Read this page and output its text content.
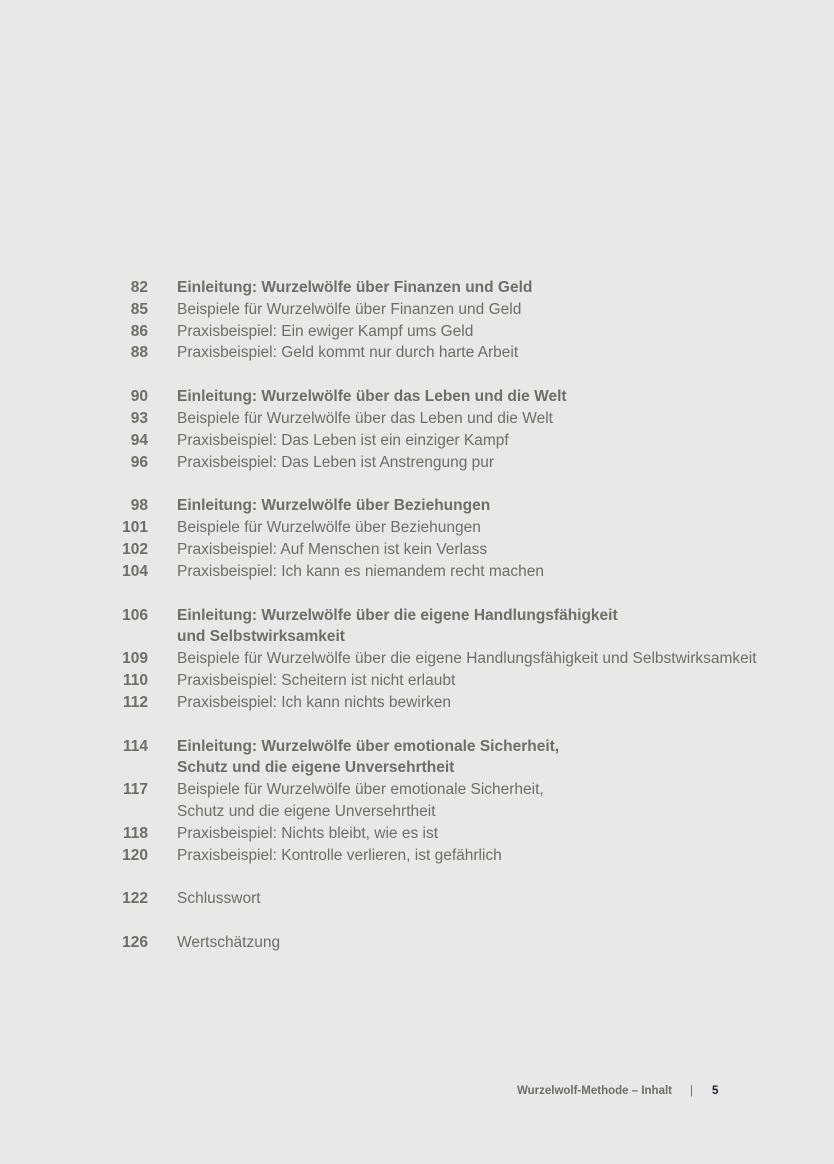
82	Einleitung: Wurzelwölfe über Finanzen und Geld
85	Beispiele für Wurzelwölfe über Finanzen und Geld
86	Praxisbeispiel: Ein ewiger Kampf ums Geld
88	Praxisbeispiel: Geld kommt nur durch harte Arbeit
90	Einleitung: Wurzelwölfe über das Leben und die Welt
93	Beispiele für Wurzelwölfe über das Leben und die Welt
94	Praxisbeispiel: Das Leben ist ein einziger Kampf
96	Praxisbeispiel: Das Leben ist Anstrengung pur
98	Einleitung: Wurzelwölfe über Beziehungen
101	Beispiele für Wurzelwölfe über Beziehungen
102	Praxisbeispiel: Auf Menschen ist kein Verlass
104	Praxisbeispiel: Ich kann es niemandem recht machen
106	Einleitung: Wurzelwölfe über die eigene Handlungsfähigkeit
und Selbstwirksamkeit
109	Beispiele für Wurzelwölfe über die eigene Handlungsfähigkeit und Selbstwirksamkeit
110	Praxisbeispiel: Scheitern ist nicht erlaubt
112	Praxisbeispiel: Ich kann nichts bewirken
114	Einleitung: Wurzelwölfe über emotionale Sicherheit,
Schutz und die eigene Unversehrtheit
117	Beispiele für Wurzelwölfe über emotionale Sicherheit,
Schutz und die eigene Unversehrtheit
118	Praxisbeispiel: Nichts bleibt, wie es ist
120	Praxisbeispiel: Kontrolle verlieren, ist gefährlich
122	Schlusswort
126	Wertschätzung
Wurzelwolf-Methode – Inhalt | 5
